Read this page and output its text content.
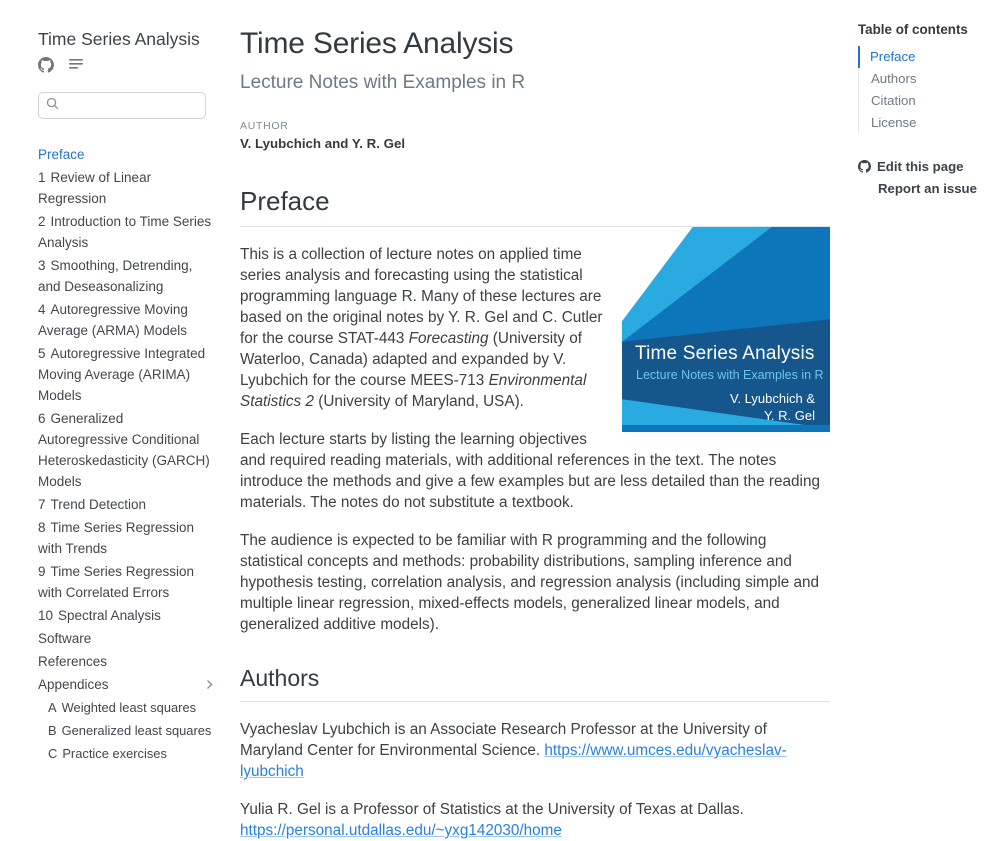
Time Series Analysis
Preface
1 Review of Linear Regression
2 Introduction to Time Series Analysis
3 Smoothing, Detrending, and Deseasonalizing
4 Autoregressive Moving Average (ARMA) Models
5 Autoregressive Integrated Moving Average (ARIMA) Models
6 Generalized Autoregressive Conditional Heteroskedasticity (GARCH) Models
7 Trend Detection
8 Time Series Regression with Trends
9 Time Series Regression with Correlated Errors
10 Spectral Analysis
Software
References
Appendices
A Weighted least squares
B Generalized least squares
C Practice exercises
Time Series Analysis
Lecture Notes with Examples in R
AUTHOR
V. Lyubchich and Y. R. Gel
Preface
Time Series Analysis
Lecture Notes with Examples in R
V. Lyubchich &
Y. R. Gel

This is a collection of lecture notes on applied time series analysis and forecasting using the statistical programming language R. Many of these lectures are based on the original notes by Y. R. Gel and C. Cutler for the course STAT-443 Forecasting (University of Waterloo, Canada) adapted and expanded by V. Lyubchich for the course MEES-713 Environmental Statistics 2 (University of Maryland, USA).

Each lecture starts by listing the learning objectives and required reading materials, with additional references in the text. The notes introduce the methods and give a few examples but are less detailed than the reading materials. The notes do not substitute a textbook.

The audience is expected to be familiar with R programming and the following statistical concepts and methods: probability distributions, sampling inference and hypothesis testing, correlation analysis, and regression analysis (including simple and multiple linear regression, mixed-effects models, generalized linear models, and generalized additive models).

Authors

Vyacheslav Lyubchich is an Associate Research Professor at the University of Maryland Center for Environmental Science. https://www.umces.edu/vyacheslav-lyubchich

Yulia R. Gel is a Professor of Statistics at the University of Texas at Dallas. https://personal.utdallas.edu/~yxg142030/home

Table of contents
Preface
Authors
Citation
License
Edit this page
Report an issue
